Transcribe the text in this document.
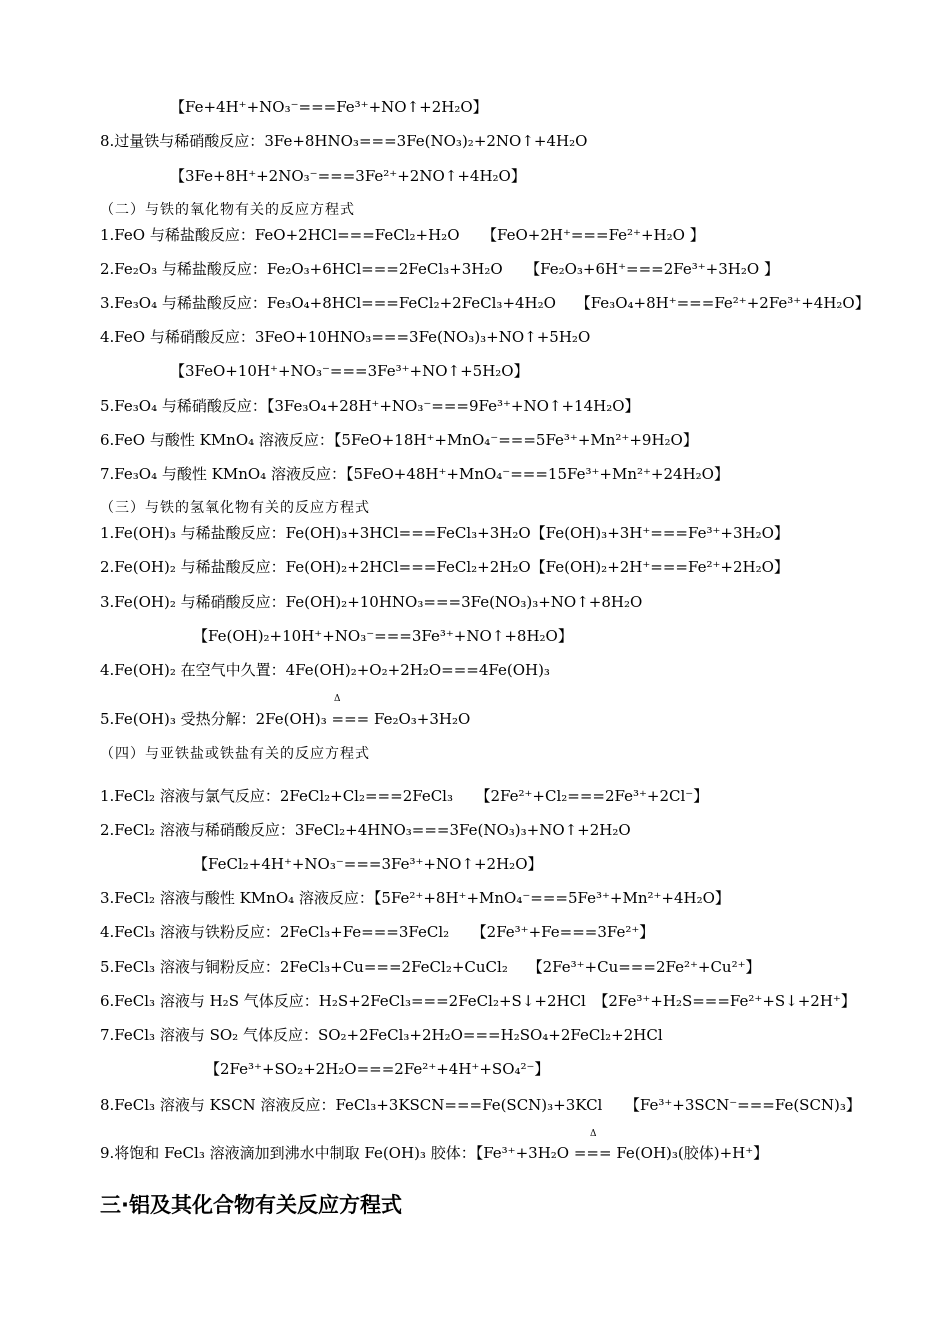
【Fe+4H⁺+NO₃⁻===Fe³⁺+NO↑+2H₂O】
8.过量铁与稀硝酸反应：3Fe+8HNO₃===3Fe(NO₃)₂+2NO↑+4H₂O
【3Fe+8H⁺+2NO₃⁻===3Fe²⁺+2NO↑+4H₂O】
（二）与铁的氧化物有关的反应方程式
1.FeO 与稀盐酸反应：FeO+2HCl===FeCl₂+H₂O　　【FeO+2H⁺===Fe²⁺+H₂O 】
2.Fe₂O₃ 与稀盐酸反应：Fe₂O₃+6HCl===2FeCl₃+3H₂O　　【Fe₂O₃+6H⁺===2Fe³⁺+3H₂O 】
3.Fe₃O₄ 与稀盐酸反应：Fe₃O₄+8HCl===FeCl₂+2FeCl₃+4H₂O　 【Fe₃O₄+8H⁺===Fe²⁺+2Fe³⁺+4H₂O】
4.FeO 与稀硝酸反应：3FeO+10HNO₃===3Fe(NO₃)₃+NO↑+5H₂O
【3FeO+10H⁺+NO₃⁻===3Fe³⁺+NO↑+5H₂O】
5.Fe₃O₄ 与稀硝酸反应：【3Fe₃O₄+28H⁺+NO₃⁻===9Fe³⁺+NO↑+14H₂O】
6.FeO 与酸性 KMnO₄ 溶液反应：【5FeO+18H⁺+MnO₄⁻===5Fe³⁺+Mn²⁺+9H₂O】
7.Fe₃O₄ 与酸性 KMnO₄ 溶液反应：【5FeO+48H⁺+MnO₄⁻===15Fe³⁺+Mn²⁺+24H₂O】
（三）与铁的氢氧化物有关的反应方程式
1.Fe(OH)₃ 与稀盐酸反应：Fe(OH)₃+3HCl===FeCl₃+3H₂O【Fe(OH)₃+3H⁺===Fe³⁺+3H₂O】
2.Fe(OH)₂ 与稀盐酸反应：Fe(OH)₂+2HCl===FeCl₂+2H₂O【Fe(OH)₂+2H⁺===Fe²⁺+2H₂O】
3.Fe(OH)₂ 与稀硝酸反应：Fe(OH)₂+10HNO₃===3Fe(NO₃)₃+NO↑+8H₂O
【Fe(OH)₂+10H⁺+NO₃⁻===3Fe³⁺+NO↑+8H₂O】
4.Fe(OH)₂ 在空气中久置：4Fe(OH)₂+O₂+2H₂O===4Fe(OH)₃
Δ
5.Fe(OH)₃ 受热分解：2Fe(OH)₃ === Fe₂O₃+3H₂O
（四）与亚铁盐或铁盐有关的反应方程式
1.FeCl₂ 溶液与氯气反应：2FeCl₂+Cl₂===2FeCl₃　　【2Fe²⁺+Cl₂===2Fe³⁺+2Cl⁻】
2.FeCl₂ 溶液与稀硝酸反应：3FeCl₂+4HNO₃===3Fe(NO₃)₃+NO↑+2H₂O
【FeCl₂+4H⁺+NO₃⁻===3Fe³⁺+NO↑+2H₂O】
3.FeCl₂ 溶液与酸性 KMnO₄ 溶液反应：【5Fe²⁺+8H⁺+MnO₄⁻===5Fe³⁺+Mn²⁺+4H₂O】
4.FeCl₃ 溶液与铁粉反应：2FeCl₃+Fe===3FeCl₂　　【2Fe³⁺+Fe===3Fe²⁺】
5.FeCl₃ 溶液与铜粉反应：2FeCl₃+Cu===2FeCl₂+CuCl₂　 【2Fe³⁺+Cu===2Fe²⁺+Cu²⁺】
6.FeCl₃ 溶液与 H₂S 气体反应：H₂S+2FeCl₃===2FeCl₂+S↓+2HCl　【2Fe³⁺+H₂S===Fe²⁺+S↓+2H⁺】
7.FeCl₃ 溶液与 SO₂ 气体反应：SO₂+2FeCl₃+2H₂O===H₂SO₄+2FeCl₂+2HCl
【2Fe³⁺+SO₂+2H₂O===2Fe²⁺+4H⁺+SO₄²⁻】
8.FeCl₃ 溶液与 KSCN 溶液反应：FeCl₃+3KSCN===Fe(SCN)₃+3KCl　　【Fe³⁺+3SCN⁻===Fe(SCN)₃】
Δ
9.将饱和 FeCl₃ 溶液滴加到沸水中制取 Fe(OH)₃ 胶体：【Fe³⁺+3H₂O === Fe(OH)₃(胶体)+H⁺】
三·铝及其化合物有关反应方程式
